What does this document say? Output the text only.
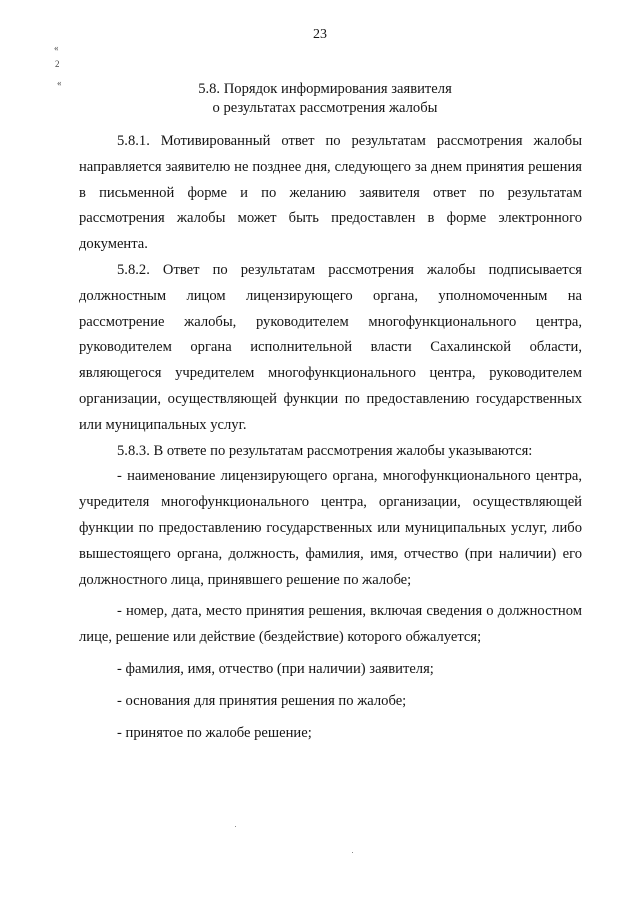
23
«
2
«	5.8. Порядок информирования заявителя
о результатах рассмотрения жалобы

5.8.1. Мотивированный ответ по результатам рассмотрения жалобы направляется заявителю не позднее дня, следующего за днем принятия решения в письменной форме и по желанию заявителя ответ по результатам рассмотрения жалобы может быть предоставлен в форме электронного документа.

5.8.2. Ответ по результатам рассмотрения жалобы подписывается должностным лицом лицензирующего органа, уполномоченным на рассмотрение жалобы, руководителем многофункционального центра, руководителем органа исполнительной власти Сахалинской области, являющегося учредителем многофункционального центра, руководителем организации, осуществляющей функции по предоставлению государственных или муниципальных услуг.

5.8.3. В ответе по результатам рассмотрения жалобы указываются:

- наименование лицензирующего органа, многофункционального центра, учредителя многофункционального центра, организации, осуществляющей функции по предоставлению государственных или муниципальных услуг, либо вышестоящего органа, должность, фамилия, имя, отчество (при наличии) его должностного лица, принявшего решение по жалобе;

- номер, дата, место принятия решения, включая сведения о должностном лице, решение или действие (бездействие) которого обжалуется;

- фамилия, имя, отчество (при наличии) заявителя;

- основания для принятия решения по жалобе;

- принятое по жалобе решение;
